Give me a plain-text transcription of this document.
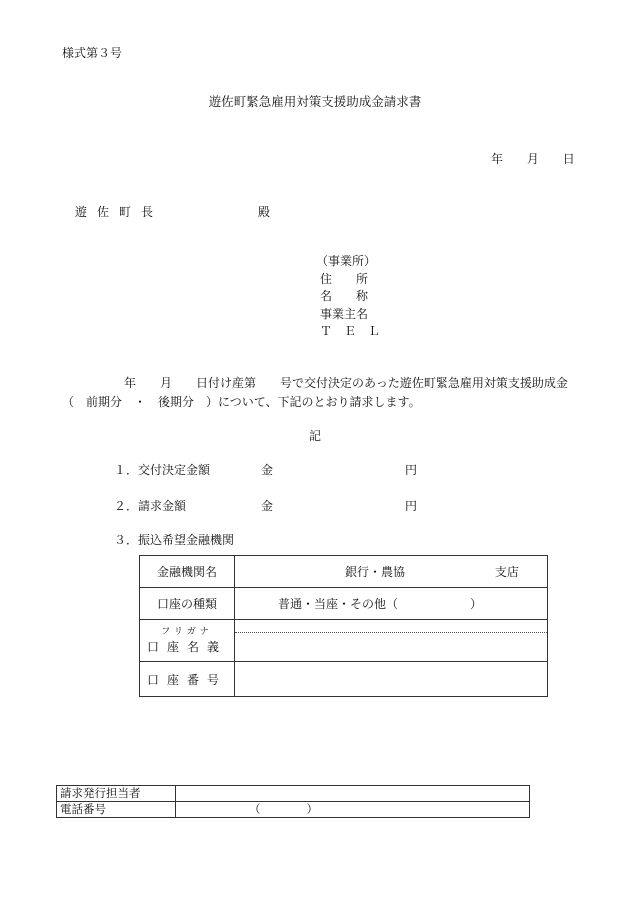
様式第３号
遊佐町緊急雇用対策支援助成金請求書
年 月 日
遊佐町長	殿
（事業所）
住　　所
名　　称
事業主名
Ｔ　Ｅ　Ｌ
年　　月　　日付け産第　　号で交付決定のあった遊佐町緊急雇用対策支援助成金
（　前期分　・　後期分　）について、下記のとおり請求します。
記
１．交付決定金額	金	円
２．請求金額	金	円
３．振込希望金融機関
金融機関名	銀行・農協 支店
口座の種類	普通・当座・その他（　　　　　　）

フリガナ
口座名義	

口座番号	
請求発行担当者	
電話番号	（　　　　）
